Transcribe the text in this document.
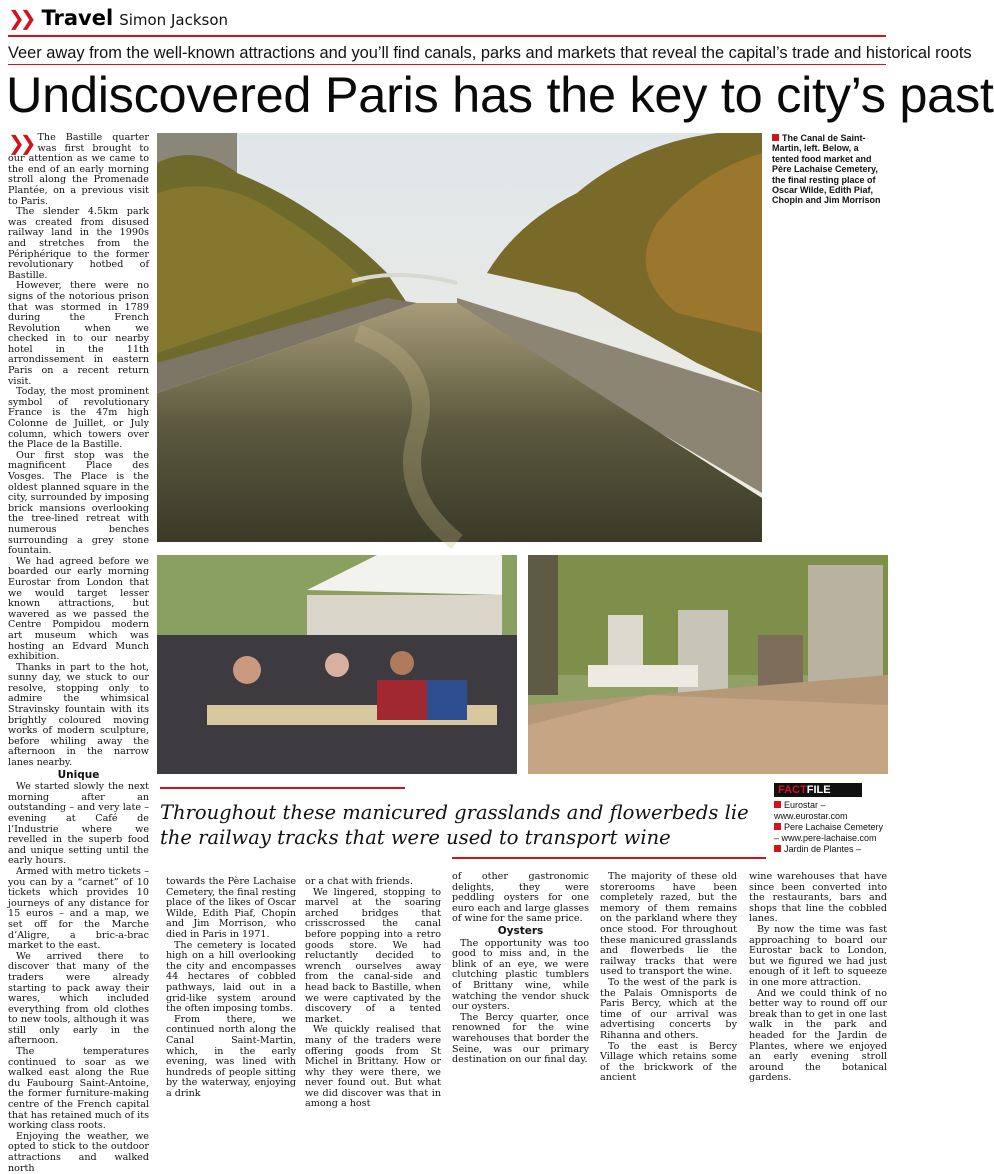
❯❯ Travel Simon Jackson
Veer away from the well-known attractions and you’ll find canals, parks and markets that reveal the capital’s trade and historical roots
Undiscovered Paris has the key to city’s past
The Canal de Saint-Martin, left. Below, a tented food market and Père Lachaise Cemetery, the final resting place of Oscar Wilde, Edith Piaf, Chopin and Jim Morrison
Throughout these manicured grasslands and flowerbeds lie the railway tracks that were used to transport wine
FACTFILE
Eurostar – www.eurostar.com
Pere Lachaise Cemetery – www.pere-lachaise.com
Jardin de Plantes –
❯❯ The Bastille quarter was first brought to our attention as we came to the end of an early morning stroll along the Promenade Plantée, on a previous visit to Paris.

The slender 4.5km park was created from disused railway land in the 1990s and stretches from the Périphérique to the former revolutionary hotbed of Bastille.

However, there were no signs of the notorious prison that was stormed in 1789 during the French Revolution when we checked in to our nearby hotel in the 11th arrondissement in eastern Paris on a recent return visit.

Today, the most prominent symbol of revolutionary France is the 47m high Colonne de Juillet, or July column, which towers over the Place de la Bastille.

Our first stop was the magnificent Place des Vosges. The Place is the oldest planned square in the city, surrounded by imposing brick mansions overlooking the tree-lined retreat with numerous benches surrounding a grey stone fountain.

We had agreed before we boarded our early morning Eurostar from London that we would target lesser known attractions, but wavered as we passed the Centre Pompidou modern art museum which was hosting an Edvard Munch exhibition.

Thanks in part to the hot, sunny day, we stuck to our resolve, stopping only to admire the whimsical Stravinsky fountain with its brightly coloured moving works of modern sculpture, before whiling away the afternoon in the narrow lanes nearby.

Unique

We started slowly the next morning after an outstanding – and very late – evening at Café de l’Industrie where we revelled in the superb food and unique setting until the early hours.

Armed with metro tickets – you can by a “carnet” of 10 tickets which provides 10 journeys of any distance for 15 euros – and a map, we set off for the Marche d’Aligre, a bric-a-brac market to the east.

We arrived there to discover that many of the traders were already starting to pack away their wares, which included everything from old clothes to new tools, although it was still only early in the afternoon.

The temperatures continued to soar as we walked east along the Rue du Faubourg Saint-Antoine, the former furniture-making centre of the French capital that has retained much of its working class roots.

Enjoying the weather, we opted to stick to the outdoor attractions and walked north

towards the Père Lachaise Cemetery, the final resting place of the likes of Oscar Wilde, Edith Piaf, Chopin and Jim Morrison, who died in Paris in 1971.

The cemetery is located high on a hill overlooking the city and encompasses 44 hectares of cobbled pathways, laid out in a grid-like system around the often imposing tombs.

From there, we continued north along the Canal Saint-Martin, which, in the early evening, was lined with hundreds of people sitting by the waterway, enjoying a drink

or a chat with friends.

We lingered, stopping to marvel at the soaring arched bridges that crisscrossed the canal before popping into a retro goods store. We had reluctantly decided to wrench ourselves away from the canal-side and head back to Bastille, when we were captivated by the discovery of a tented market.

We quickly realised that many of the traders were offering goods from St Michel in Brittany. How or why they were there, we never found out. But what we did discover was that in among a host

of other gastronomic delights, they were peddling oysters for one euro each and large glasses of wine for the same price.

Oysters

The opportunity was too good to miss and, in the blink of an eye, we were clutching plastic tumblers of Brittany wine, while watching the vendor shuck our oysters.

The Bercy quarter, once renowned for the wine warehouses that border the Seine, was our primary destination on our final day.

The majority of these old storerooms have been completely razed, but the memory of them remains on the parkland where they once stood. For throughout these manicured grasslands and flowerbeds lie the railway tracks that were used to transport the wine.

To the west of the park is the Palais Omnisports de Paris Bercy, which at the time of our arrival was advertising concerts by Rihanna and others.

To the east is Bercy Village which retains some of the brickwork of the ancient

wine warehouses that have since been converted into the restaurants, bars and shops that line the cobbled lanes.

By now the time was fast approaching to board our Eurostar back to London, but we figured we had just enough of it left to squeeze in one more attraction.

And we could think of no better way to round off our break than to get in one last walk in the park and headed for the Jardin de Plantes, where we enjoyed an early evening stroll around the botanical gardens.
